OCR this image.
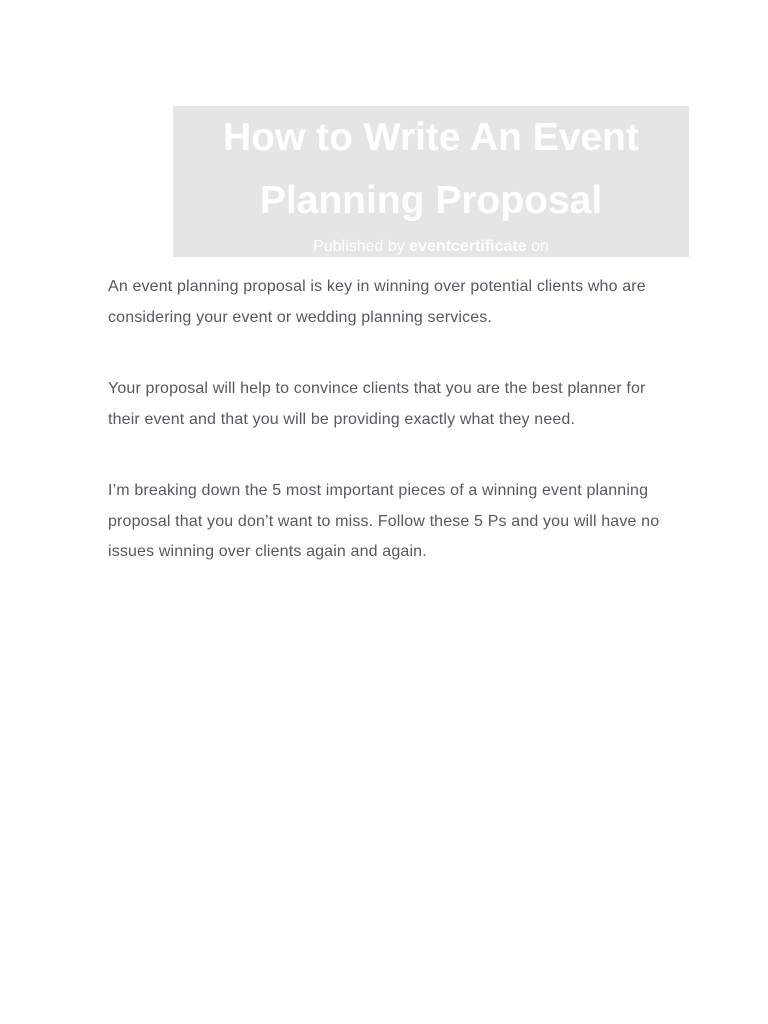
How to Write An Event Planning Proposal
Published by eventcertificate on

An event planning proposal is key in winning over potential clients who are considering your event or wedding planning services.

Your proposal will help to convince clients that you are the best planner for their event and that you will be providing exactly what they need.

I’m breaking down the 5 most important pieces of a winning event planning proposal that you don’t want to miss. Follow these 5 Ps and you will have no issues winning over clients again and again.
